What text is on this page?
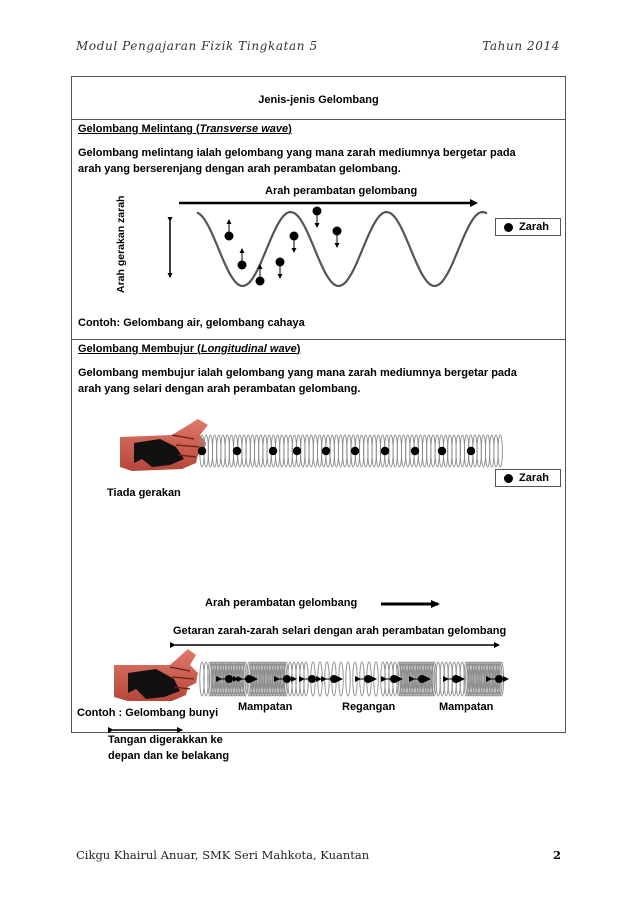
Modul Pengajaran Fizik Tingkatan 5	Tahun 2014
Jenis-jenis Gelombang
Gelombang Melintang (Transverse wave)
Gelombang melintang ialah gelombang yang mana zarah mediumnya bergetar pada
arah yang berserenjang dengan arah perambatan gelombang.
Arah perambatan gelombang
Arah gerakan zarah	Zarah
Contoh: Gelombang air, gelombang cahaya
Gelombang Membujur (Longitudinal wave)
Gelombang membujur ialah gelombang yang mana zarah mediumnya bergetar pada
arah yang selari dengan arah perambatan gelombang.
Zarah
Tiada gerakan
Arah perambatan gelombang
Getaran zarah-zarah selari dengan arah perambatan gelombang
Mampatan	Regangan	Mampatan
Tangan digerakkan ke
depan dan ke belakang
Contoh : Gelombang bunyi
Cikgu Khairul Anuar, SMK Seri Mahkota, Kuantan	2
